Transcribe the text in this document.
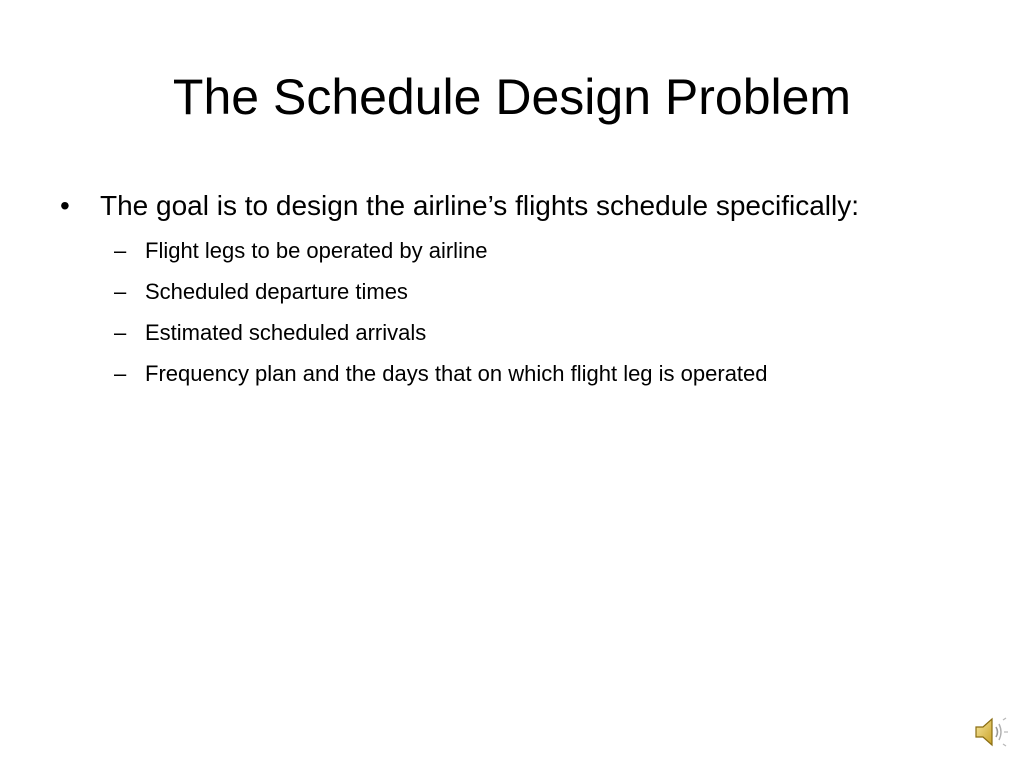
The Schedule Design Problem
•	The goal is to design the airline’s flights schedule specifically:
– Flight legs to be operated by airline
– Scheduled departure times
– Estimated scheduled arrivals
– Frequency plan and the days that on which flight leg is operated
